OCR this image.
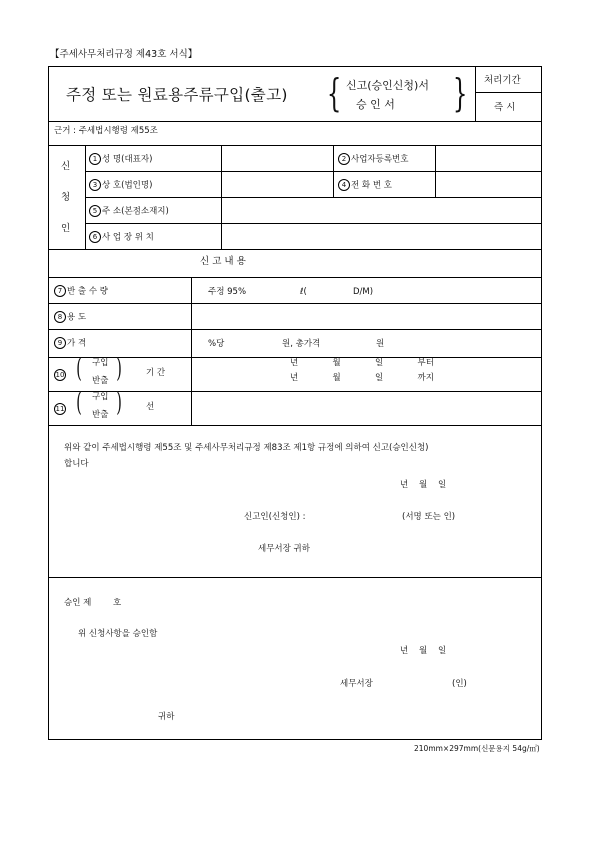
【주세사무처리규정 제43호 서식】
주정 또는 원료용주류구입(출고) { 신고(승인신청)서
승 인 서 } 처리기간
즉 시
근거 : 주세법시행령 제55조
신
청
인
1 성 명(대표자)	2 사업자등록번호
3 상 호(법인명)	4 전 화 번 호
5 주 소(본점소재지)
6 사 업 장 위 치
신 고 내 용
7 반 출 수 량	주정 95%	ℓ(	D/M)
8 용 도
9 가 격	%당	원, 총가격	원
10 ( 구입
반출 )	기 간
년	월	일	부터
년	월	일	까지
11 ( 구입
반출 )	선
위와 같이 주세법시행령 제55조 및 주세사무처리규정 제83조 제1항 규정에 의하여 신고(승인신청)
합니다
년    월    일
신고인(신청인) :	(서명 또는 인)
세무서장 귀하
승인 제        호
위 신청사항을 승인함
년    월    일
세무서장	(인)
귀하
210mm×297mm(신문용지 54g/㎡)
